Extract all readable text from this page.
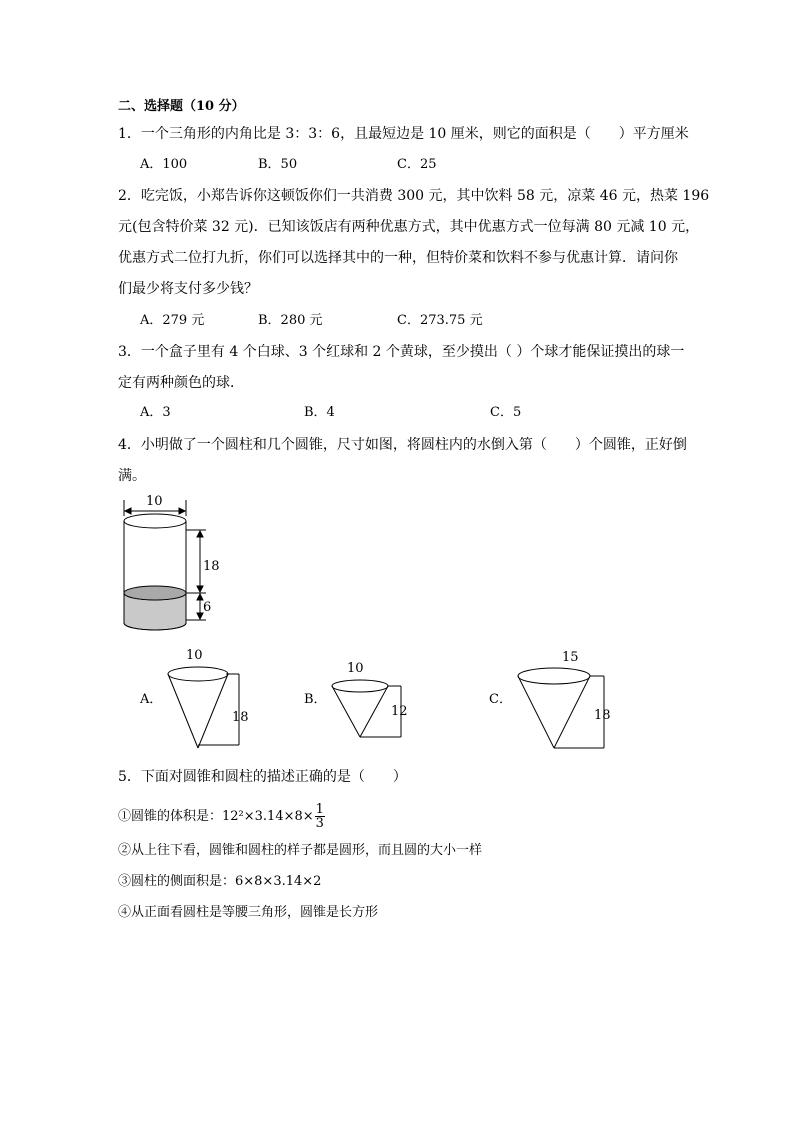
二、选择题（10 分）
1．一个三角形的内角比是 3：3：6，且最短边是 10 厘米，则它的面积是（　　）平方厘米
A．100	B．50	C．25
2．吃完饭，小郑告诉你这顿饭你们一共消费 300 元，其中饮料 58 元，凉菜 46 元，热菜 196
元(包含特价菜 32 元)．已知该饭店有两种优惠方式，其中优惠方式一位每满 80 元减 10 元，
优惠方式二位打九折，你们可以选择其中的一种，但特价菜和饮料不参与优惠计算．请问你
们最少将支付多少钱？
A．279 元	B．280 元	C．273.75 元
3．一个盒子里有 4 个白球、3 个红球和 2 个黄球，至少摸出（ ）个球才能保证摸出的球一
定有两种颜色的球．
A．3	B．4	C．5
4．小明做了一个圆柱和几个圆锥，尺寸如图，将圆柱内的水倒入第（　　）个圆锥，正好倒
满。
10
18
6
A．
10
18
B．
10
12
C．
15
18
5．下面对圆锥和圆柱的描述正确的是（　　）
①圆锥的体积是：$12^2\times 3.14\times 8\times \frac{1}{3}$
②从上往下看，圆锥和圆柱的样子都是圆形，而且圆的大小一样
③圆柱的侧面积是：6×8×3.14×2
④从正面看圆柱是等腰三角形，圆锥是长方形
